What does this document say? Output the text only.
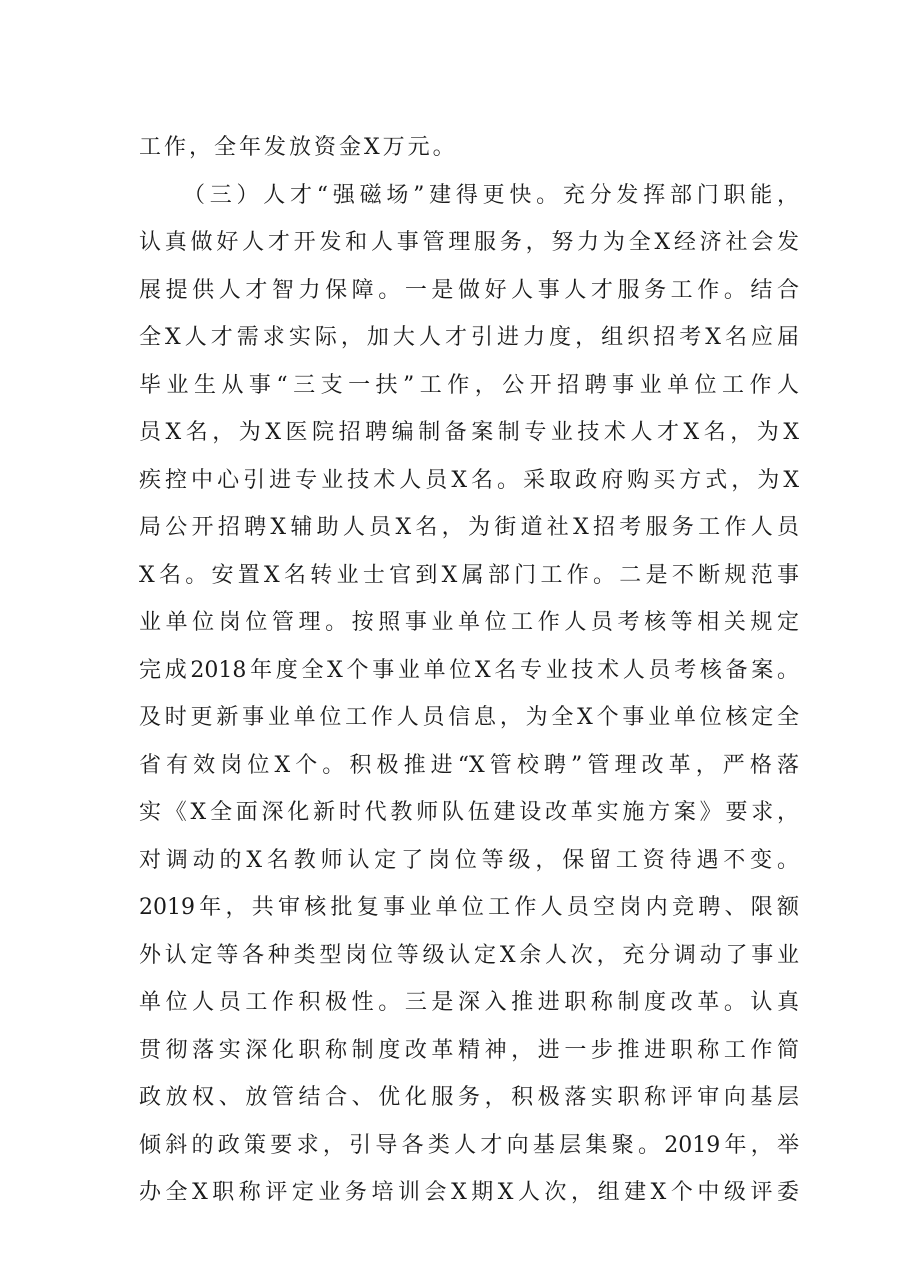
工作，全年发放资金X万元。
（三）人才“强磁场”建得更快。充分发挥部门职能，
认真做好人才开发和人事管理服务，努力为全X经济社会发
展提供人才智力保障。一是做好人事人才服务工作。结合
全X人才需求实际，加大人才引进力度，组织招考X名应届
毕业生从事“三支一扶”工作，公开招聘事业单位工作人
员X名，为X医院招聘编制备案制专业技术人才X名，为X
疾控中心引进专业技术人员X名。采取政府购买方式，为X
局公开招聘X辅助人员X名，为街道社X招考服务工作人员
X名。安置X名转业士官到X属部门工作。二是不断规范事
业单位岗位管理。按照事业单位工作人员考核等相关规定
完成2018年度全X个事业单位X名专业技术人员考核备案。
及时更新事业单位工作人员信息，为全X个事业单位核定全
省有效岗位X个。积极推进“X管校聘”管理改革，严格落
实《X全面深化新时代教师队伍建设改革实施方案》要求，
对调动的X名教师认定了岗位等级，保留工资待遇不变。
2019年，共审核批复事业单位工作人员空岗内竞聘、限额
外认定等各种类型岗位等级认定X余人次，充分调动了事业
单位人员工作积极性。三是深入推进职称制度改革。认真
贯彻落实深化职称制度改革精神，进一步推进职称工作简
政放权、放管结合、优化服务，积极落实职称评审向基层
倾斜的政策要求，引导各类人才向基层集聚。2019年，举
办全X职称评定业务培训会X期X人次，组建X个中级评委
